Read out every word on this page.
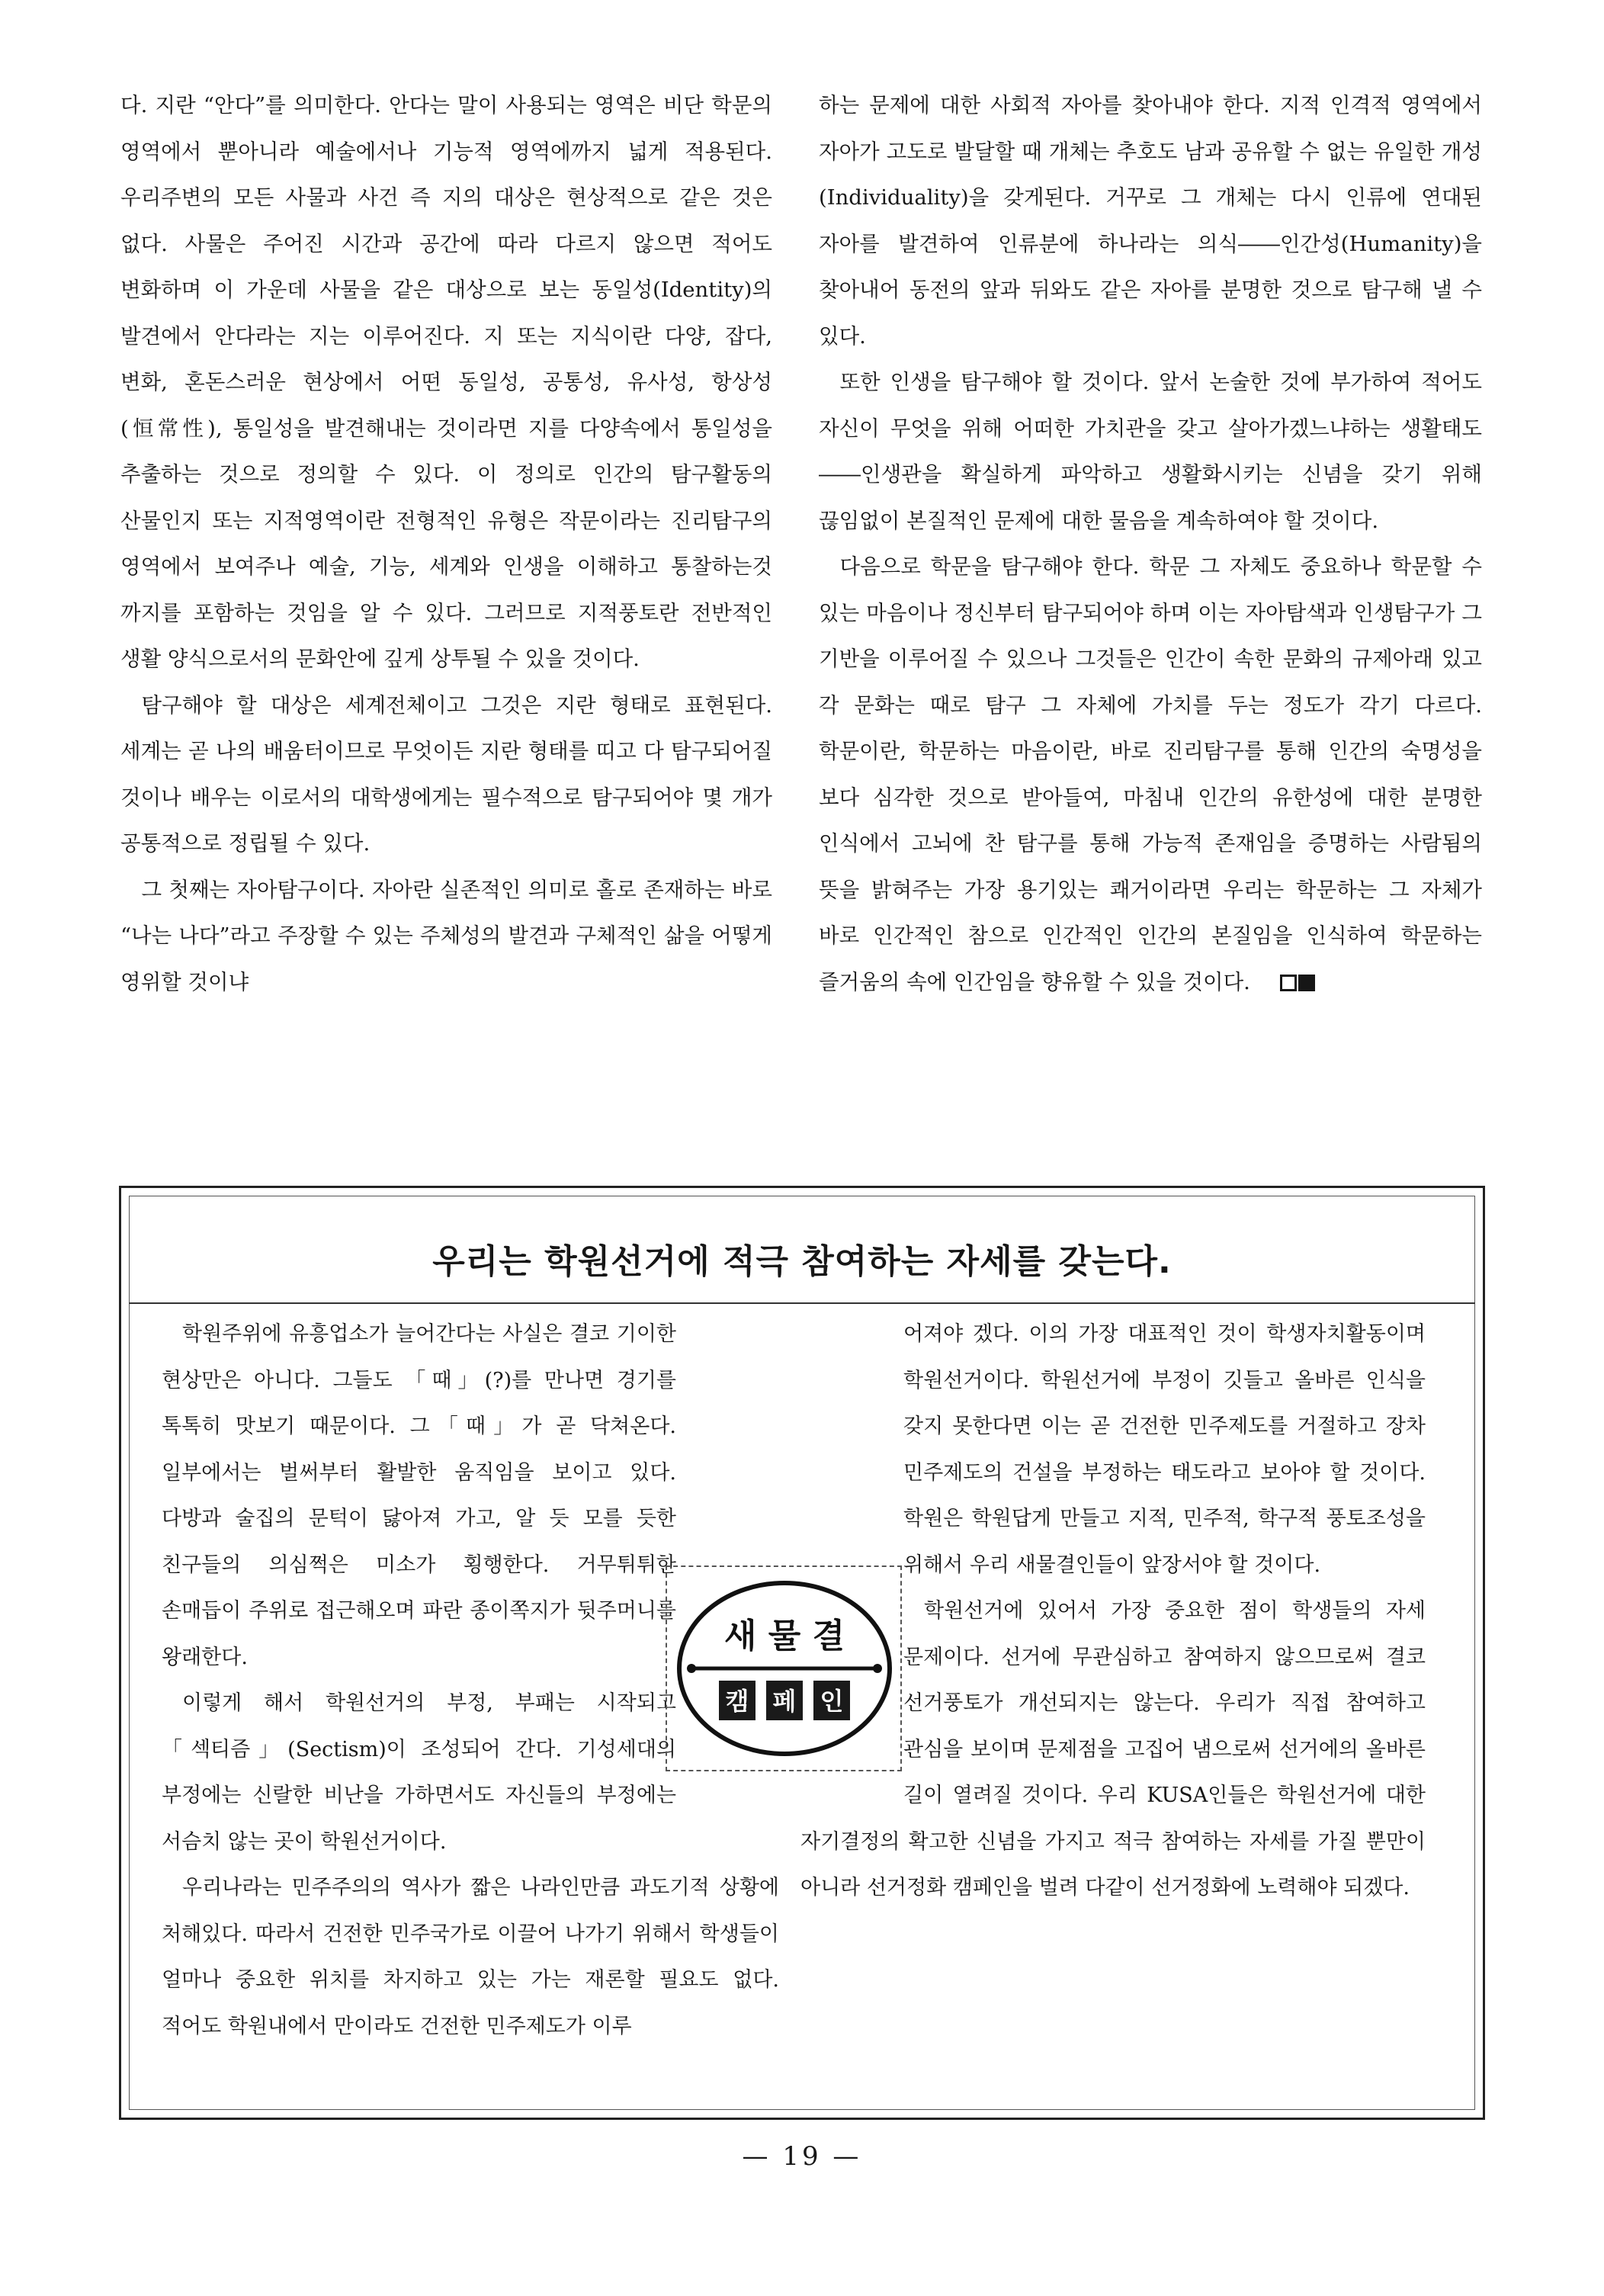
다. 지란 “안다”를 의미한다. 안다는 말이 사용되는 영역은 비단 학문의 영역에서 뿐아니라 예술에서나 기능적 영역에까지 넓게 적용된다. 우리주변의 모든 사물과 사건 즉 지의 대상은 현상적으로 같은 것은 없다. 사물은 주어진 시간과 공간에 따라 다르지 않으면 적어도 변화하며 이 가운데 사물을 같은 대상으로 보는 동일성(Identity)의 발견에서 안다라는 지는 이루어진다. 지 또는 지식이란 다양, 잡다, 변화, 혼돈스러운 현상에서 어떤 동일성, 공통성, 유사성, 항상성(恒常性), 통일성을 발견해내는 것이라면 지를 다양속에서 통일성을 추출하는 것으로 정의할 수 있다. 이 정의로 인간의 탐구활동의 산물인지 또는 지적영역이란 전형적인 유형은 작문이라는 진리탐구의 영역에서 보여주나 예술, 기능, 세계와 인생을 이해하고 통찰하는것 까지를 포함하는 것임을 알 수 있다. 그러므로 지적풍토란 전반적인 생활 양식으로서의 문화안에 깊게 상투될 수 있을 것이다.

탐구해야 할 대상은 세계전체이고 그것은 지란 형태로 표현된다. 세계는 곧 나의 배움터이므로 무엇이든 지란 형태를 띠고 다 탐구되어질 것이나 배우는 이로서의 대학생에게는 필수적으로 탐구되어야 몇 개가 공통적으로 정립될 수 있다.

그 첫째는 자아탐구이다. 자아란 실존적인 의미로 홀로 존재하는 바로 “나는 나다”라고 주장할 수 있는 주체성의 발견과 구체적인 삶을 어떻게 영위할 것이냐

하는 문제에 대한 사회적 자아를 찾아내야 한다. 지적 인격적 영역에서 자아가 고도로 발달할 때 개체는 추호도 남과 공유할 수 없는 유일한 개성(Individuality)을 갖게된다. 거꾸로 그 개체는 다시 인류에 연대된 자아를 발견하여 인류분에 하나라는 의식――인간성(Humanity)을 찾아내어 동전의 앞과 뒤와도 같은 자아를 분명한 것으로 탐구해 낼 수 있다.

또한 인생을 탐구해야 할 것이다. 앞서 논술한 것에 부가하여 적어도 자신이 무엇을 위해 어떠한 가치관을 갖고 살아가겠느냐하는 생활태도――인생관을 확실하게 파악하고 생활화시키는 신념을 갖기 위해 끊임없이 본질적인 문제에 대한 물음을 계속하여야 할 것이다.

다음으로 학문을 탐구해야 한다. 학문 그 자체도 중요하나 학문할 수 있는 마음이나 정신부터 탐구되어야 하며 이는 자아탐색과 인생탐구가 그 기반을 이루어질 수 있으나 그것들은 인간이 속한 문화의 규제아래 있고 각 문화는 때로 탐구 그 자체에 가치를 두는 정도가 각기 다르다. 학문이란, 학문하는 마음이란, 바로 진리탐구를 통해 인간의 숙명성을 보다 심각한 것으로 받아들여, 마침내 인간의 유한성에 대한 분명한 인식에서 고뇌에 찬 탐구를 통해 가능적 존재임을 증명하는 사람됨의 뜻을 밝혀주는 가장 용기있는 쾌거이라면 우리는 학문하는 그 자체가 바로 인간적인 참으로 인간적인 인간의 본질임을 인식하여 학문하는 즐거움의 속에 인간임을 향유할 수 있을 것이다.

우리는 학원선거에 적극 참여하는 자세를 갖는다.

학원주위에 유흥업소가 늘어간다는 사실은 결코 기이한 현상만은 아니다. 그들도 「때」(?)를 만나면 경기를 톡톡히 맛보기 때문이다. 그「때」가 곧 닥쳐온다. 일부에서는 벌써부터 활발한 움직임을 보이고 있다. 다방과 술집의 문턱이 닳아져 가고, 알 듯 모를 듯한 친구들의 의심쩍은 미소가 횡행한다. 거무튀튀한 손매듭이 주위로 접근해오며 파란 종이쪽지가 뒷주머니를 왕래한다.

이렇게 해서 학원선거의 부정, 부패는 시작되고 「섹티즘」(Sectism)이 조성되어 간다. 기성세대의 부정에는 신랄한 비난을 가하면서도 자신들의 부정에는 서슴치 않는 곳이 학원선거이다.

우리나라는 민주주의의 역사가 짧은 나라인만큼 과도기적 상황에 처해있다. 따라서 건전한 민주국가로 이끌어 나가기 위해서 학생들이 얼마나 중요한 위치를 차지하고 있는 가는 재론할 필요도 없다. 적어도 학원내에서 만이라도 건전한 민주제도가 이루

어져야 겠다. 이의 가장 대표적인 것이 학생자치활동이며 학원선거이다. 학원선거에 부정이 깃들고 올바른 인식을 갖지 못한다면 이는 곧 건전한 민주제도를 거절하고 장차 민주제도의 건설을 부정하는 태도라고 보아야 할 것이다. 학원은 학원답게 만들고 지적, 민주적, 학구적 풍토조성을 위해서 우리 새물결인들이 앞장서야 할 것이다.

학원선거에 있어서 가장 중요한 점이 학생들의 자세 문제이다. 선거에 무관심하고 참여하지 않으므로써 결코 선거풍토가 개선되지는 않는다. 우리가 직접 참여하고 관심을 보이며 문제점을 고집어 냄으로써 선거에의 올바른 길이 열려질 것이다. 우리 KUSA인들은 학원선거에 대한 자기결정의 확고한 신념을 가지고 적극 참여하는 자세를 가질 뿐만이 아니라 선거정화 캠페인을 벌려 다같이 선거정화에 노력해야 되겠다.

새 물 결
캠 페 인
— 19 —
